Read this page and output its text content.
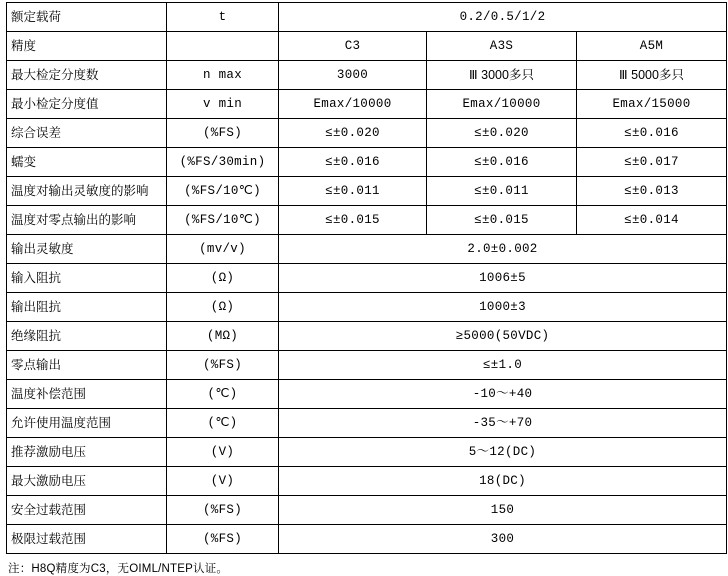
额定载荷	t	0.2/0.5/1/2		
精度		C3	A3S	A5M
最大检定分度数	n max	3000	Ⅲ 3000多只	Ⅲ 5000多只
最小检定分度值	v min	Emax/10000	Emax/10000	Emax/15000
综合误差	(%FS)	≤±0.020	≤±0.020	≤±0.016
蠕变	(%FS/30min)	≤±0.016	≤±0.016	≤±0.017
温度对输出灵敏度的影响	(%FS/10℃)	≤±0.011	≤±0.011	≤±0.013
温度对零点输出的影响	(%FS/10℃)	≤±0.015	≤±0.015	≤±0.014
输出灵敏度	(mv/v)	2.0±0.002		
输入阻抗	(Ω)	1006±5		
输出阻抗	(Ω)	1000±3		
绝缘阻抗	(MΩ)	≥5000(50VDC)		
零点输出	(%FS)	≤±1.0		
温度补偿范围	(℃)	-10～+40		
允许使用温度范围	(℃)	-35～+70		
推荐激励电压	(V)	5～12(DC)		
最大激励电压	(V)	18(DC)		
安全过载范围	(%FS)	150		
极限过载范围	(%FS)	300		
注：H8Q精度为C3，无OIML/NTEP认证。
